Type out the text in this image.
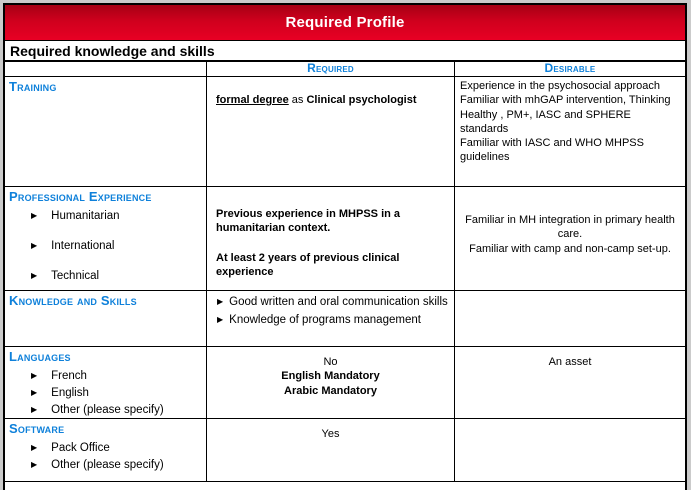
Required Profile
Required knowledge and skills
Required	Desirable
Training
formal degree as Clinical psychologist
Experience in the psychosocial approach
Familiar with mhGAP intervention, Thinking Healthy , PM+, IASC and SPHERE standards
Familiar with IASC and WHO MHPSS guidelines
Professional Experience
▶ Humanitarian
▶ International
▶ Technical
Previous experience in MHPSS in a humanitarian context.
At least 2 years of previous clinical experience
Familiar in MH integration in primary health care.
Familiar with camp and non-camp set-up.
Knowledge and Skills	▶ Good written and oral communication skills
▶ Knowledge of programs management
Languages
▶ French
▶ English
▶ Other (please specify)
No
English Mandatory
Arabic Mandatory
An asset
Software
▶ Pack Office
▶ Other (please specify)
Yes
